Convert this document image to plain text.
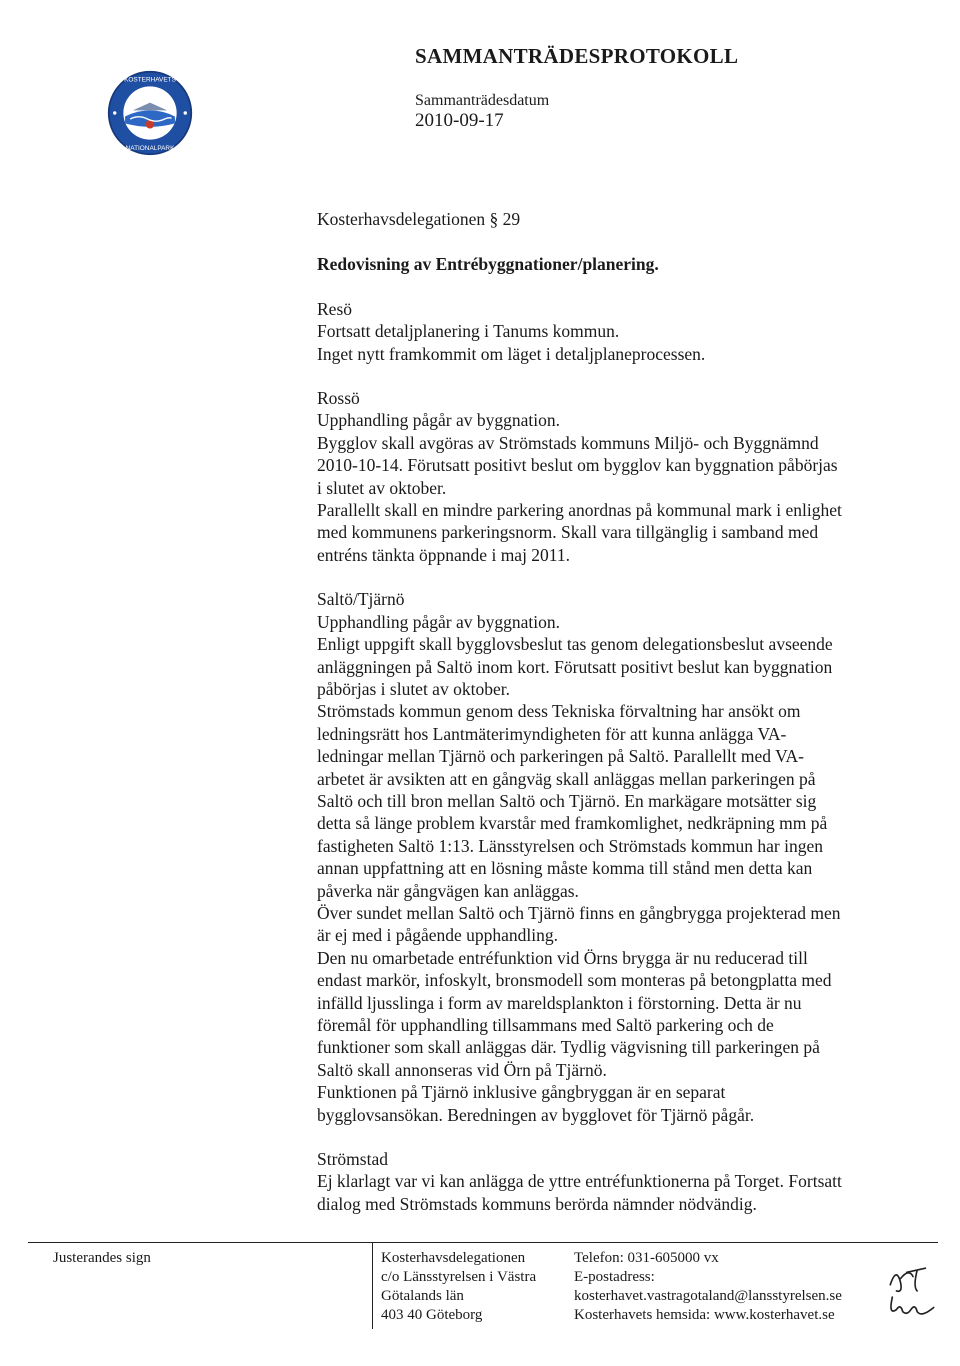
KOSTERHAVETS
NATIONALPARK
SAMMANTRÄDESPROTOKOLL
Sammanträdesdatum
2010-09-17

Kosterhavsdelegationen § 29

Redovisning av Entrébyggnationer/planering.

Resö

Fortsatt detaljplanering i Tanums kommun.

Inget nytt framkommit om läget i detaljplaneprocessen.

Rossö

Upphandling pågår av byggnation.

Bygglov skall avgöras av Strömstads kommuns Miljö- och Byggnämnd

2010-10-14. Förutsatt positivt beslut om bygglov kan byggnation påbörjas

i slutet av oktober.

Parallellt skall en mindre parkering anordnas på kommunal mark i enlighet

med kommunens parkeringsnorm. Skall vara tillgänglig i samband med

entréns tänkta öppnande i maj 2011.

Saltö/Tjärnö

Upphandling pågår av byggnation.

Enligt uppgift skall bygglovsbeslut tas genom delegationsbeslut avseende

anläggningen på Saltö inom kort. Förutsatt positivt beslut kan byggnation

påbörjas i slutet av oktober.

Strömstads kommun genom dess Tekniska förvaltning har ansökt om

ledningsrätt hos Lantmäterimyndigheten för att kunna anlägga VA-

ledningar mellan Tjärnö och parkeringen på Saltö. Parallellt med VA-

arbetet är avsikten att en gångväg skall anläggas mellan parkeringen på

Saltö och till bron mellan Saltö och Tjärnö. En markägare motsätter sig

detta så länge problem kvarstår med framkomlighet, nedkräpning mm på

fastigheten Saltö 1:13. Länsstyrelsen och Strömstads kommun har ingen

annan uppfattning att en lösning måste komma till stånd men detta kan

påverka när gångvägen kan anläggas.

Över sundet mellan Saltö och Tjärnö finns en gångbrygga projekterad men

är ej med i pågående upphandling.

Den nu omarbetade entréfunktion vid Örns brygga är nu reducerad till

endast markör, infoskylt, bronsmodell som monteras på betongplatta med

infälld ljusslinga i form av mareldsplankton i förstorning. Detta är nu

föremål för upphandling tillsammans med Saltö parkering och de

funktioner som skall anläggas där. Tydlig vägvisning till parkeringen på

Saltö skall annonseras vid Örn på Tjärnö.

Funktionen på Tjärnö inklusive gångbryggan är en separat

bygglovsansökan. Beredningen av bygglovet för Tjärnö pågår.

Strömstad

Ej klarlagt var vi kan anlägga de yttre entréfunktionerna på Torget. Fortsatt

dialog med Strömstads kommuns berörda nämnder nödvändig.

Justerandes sign	Kosterhavsdelegationen
c/o Länsstyrelsen i Västra
Götalands län
403 40 Göteborg
Telefon: 031-605000 vx
E-postadress:
kosterhavet.vastragotaland@lansstyrelsen.se
Kosterhavets hemsida: www.kosterhavet.se
